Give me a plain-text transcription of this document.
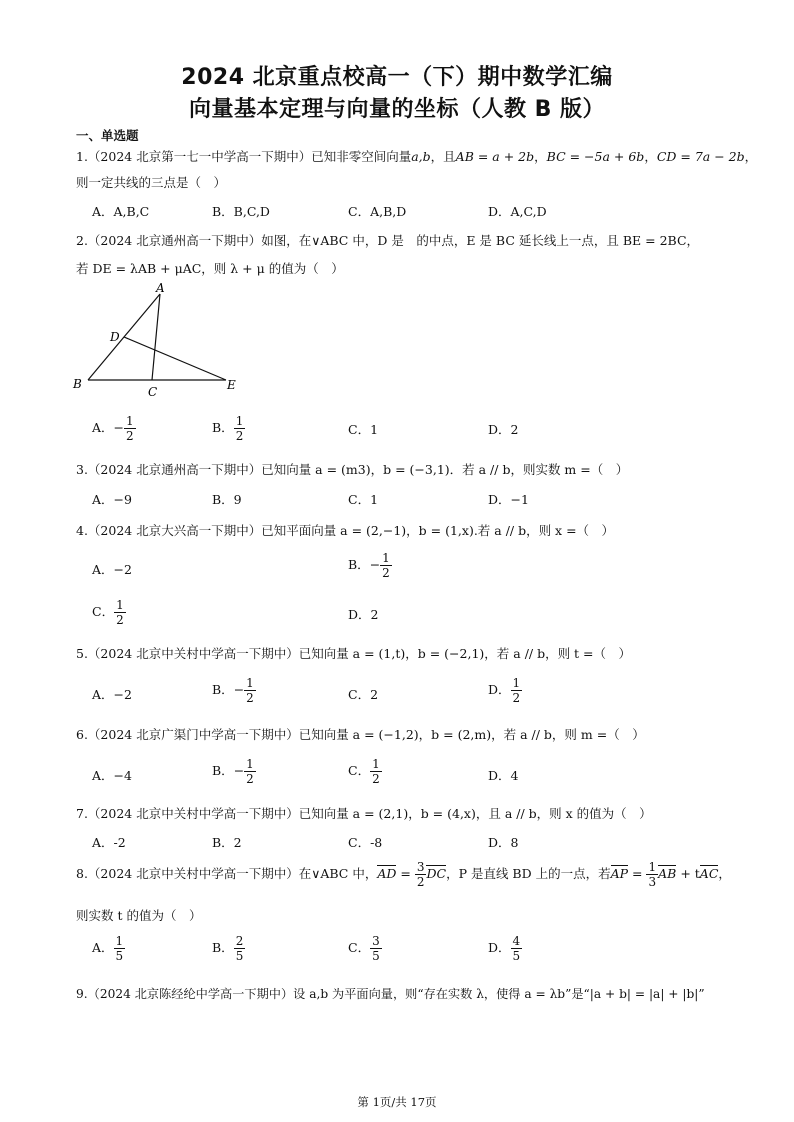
2024 北京重点校高一（下）期中数学汇编
向量基本定理与向量的坐标（人教 B 版）
一、单选题
1.（2024 北京第一七一中学高一下期中）已知非零空间向量a,b，且AB = a + 2b，BC = −5a + 6b，CD = 7a − 2b，
则一定共线的三点是（　）
A．A,B,C	B．B,C,D	C．A,B,D	D．A,C,D
2.（2024 北京通州高一下期中）如图，在∨ABC 中，D 是　的中点，E 是 BC 延长线上一点，且 BE = 2BC，
若 DE = λAB + μAC，则 λ + μ 的值为（　）
A
B
C
D
E
A．− $\frac{1}{2}$	B． $\frac{1}{2}$	C．1	D．2
3.（2024 北京通州高一下期中）已知向量 a = (m3)，b = (−3,1)．若 a // b，则实数 m =（　）
A．−9	B．9	C．1	D．−1
4.（2024 北京大兴高一下期中）已知平面向量 a = (2,−1)，b = (1,x).若 a // b，则 x =（　）
A．−2	B．− $\frac{1}{2}$
C． $\frac{1}{2}$	D．2
5.（2024 北京中关村中学高一下期中）已知向量 a = (1,t)，b = (−2,1)，若 a // b，则 t =（　）
A．−2	B．− $\frac{1}{2}$	C．2	D． $\frac{1}{2}$
6.（2024 北京广渠门中学高一下期中）已知向量 a = (−1,2)，b = (2,m)，若 a // b，则 m =（　）
A．−4	B．− $\frac{1}{2}$	C． $\frac{1}{2}$	D．4
7.（2024 北京中关村中学高一下期中）已知向量 a = (2,1)，b = (4,x)，且 a // b，则 x 的值为（　）
A．-2	B．2	C．-8	D．8
8.（2024 北京中关村中学高一下期中）在∨ABC 中，AD = $\frac{3}{2}$ DC，P 是直线 BD 上的一点，若AP = $\frac{1}{3}$ AB + tAC，
则实数 t 的值为（　）
A． $\frac{1}{5}$	B． $\frac{2}{5}$	C． $\frac{3}{5}$	D． $\frac{4}{5}$
9.（2024 北京陈经纶中学高一下期中）设 a,b 为平面向量，则“存在实数 λ，使得 a = λb”是“|a + b| = |a| + |b|”
第 1页/共 17页
